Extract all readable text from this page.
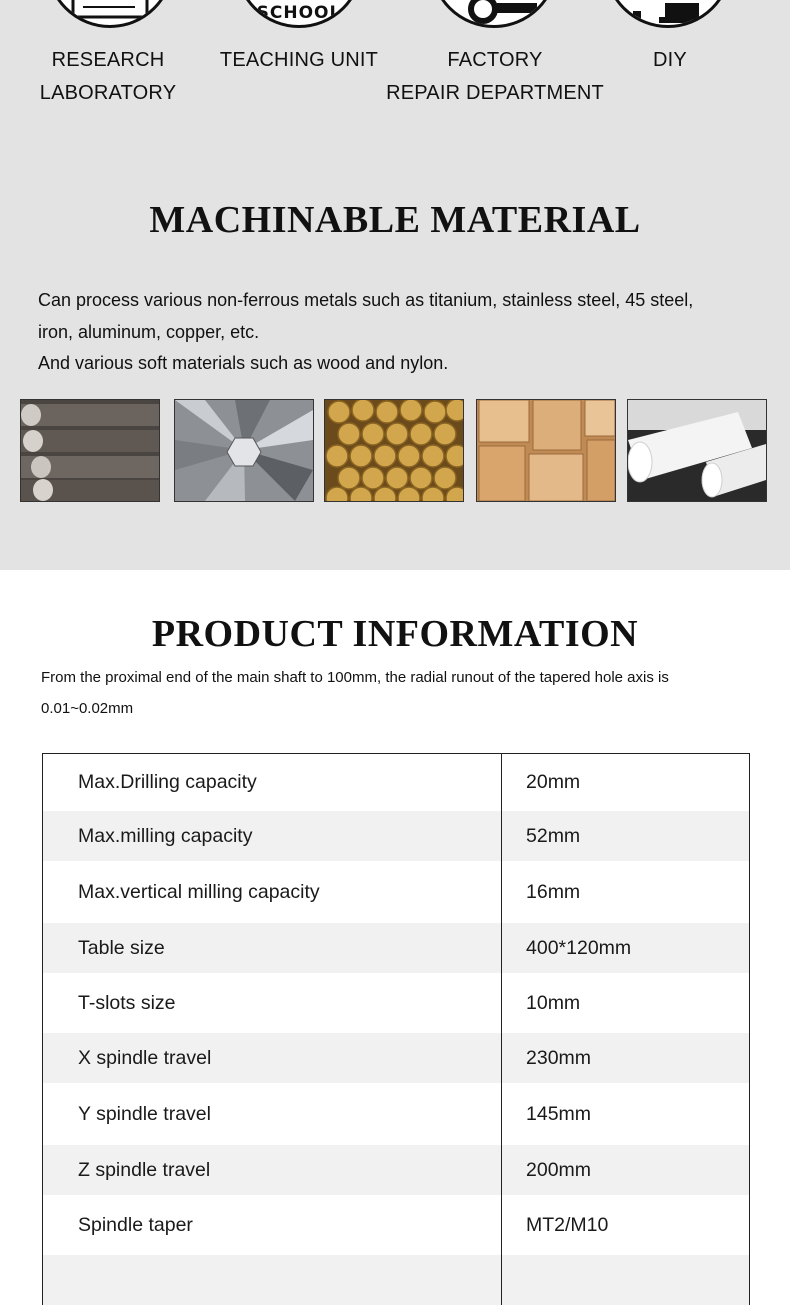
SCHOOL
RESEARCH
LABORATORY
TEACHING UNIT	FACTORY
REPAIR DEPARTMENT
DIY
MACHINABLE MATERIAL
Can process various non-ferrous metals such as titanium, stainless steel, 45 steel,
iron, aluminum, copper, etc.
And various soft materials such as wood and nylon.
PRODUCT INFORMATION
From the proximal end of the main shaft to 100mm, the radial runout of the tapered hole axis is
0.01~0.02mm
Max.Drilling capacity	20mm
Max.milling capacity	52mm
Max.vertical milling capacity	16mm
Table size	400*120mm
T-slots size	10mm
X spindle travel	230mm
Y spindle travel	145mm
Z spindle travel	200mm
Spindle taper	MT2/M10
